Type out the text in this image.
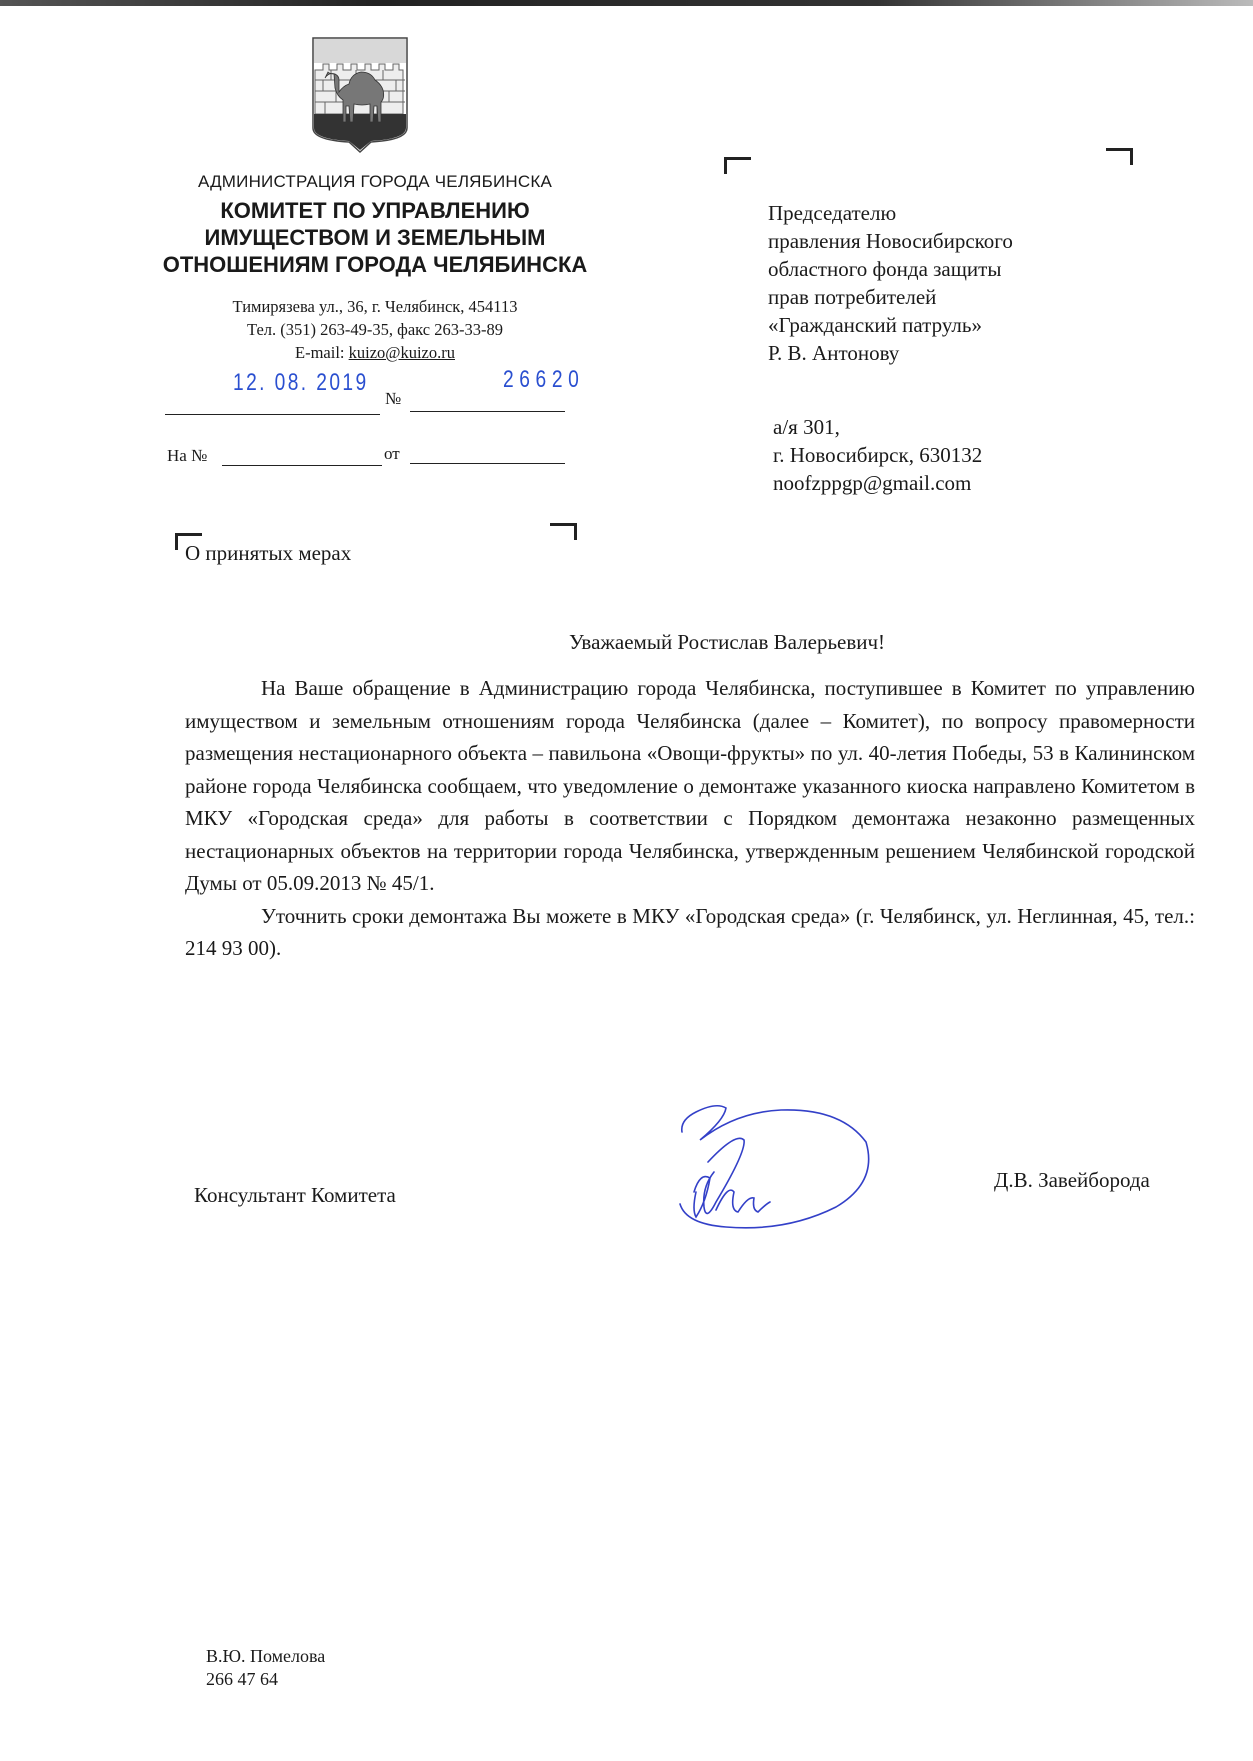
АДМИНИСТРАЦИЯ ГОРОДА ЧЕЛЯБИНСКА
КОМИТЕТ ПО УПРАВЛЕНИЮ
ИМУЩЕСТВОМ И ЗЕМЕЛЬНЫМ
ОТНОШЕНИЯМ ГОРОДА ЧЕЛЯБИНСКА
Тимирязева ул., 36, г. Челябинск, 454113
Тел. (351) 263-49-35, факс 263-33-89
E-mail: kuizo@kuizo.ru
12. 08. 2019	26620
№
На №	от
Председателю
правления Новосибирского
областного фонда защиты
прав потребителей
«Гражданский патруль»
Р. В. Антонову
а/я 301,
г. Новосибирск, 630132
noofzppgp@gmail.com
О принятых мерах
Уважаемый Ростислав Валерьевич!

На Ваше обращение в Администрацию города Челябинска, поступившее в Комитет по управлению имуществом и земельным отношениям города Челябинска (далее – Комитет), по вопросу правомерности размещения нестационарного объекта – павильона «Овощи-фрукты» по ул. 40-летия Победы, 53 в Калининском районе города Челябинска сообщаем, что уведомление о демонтаже указанного киоска направлено Комитетом в МКУ «Городская среда» для работы в соответствии с Порядком демонтажа незаконно размещенных нестационарных объектов на территории города Челябинска, утвержденным решением Челябинской городской Думы от 05.09.2013 № 45/1.

Уточнить сроки демонтажа Вы можете в МКУ «Городская среда» (г. Челябинск, ул. Неглинная, 45, тел.: 214 93 00).

Консультант Комитета
Д.В. Завейборода
В.Ю. Помелова
266 47 64
